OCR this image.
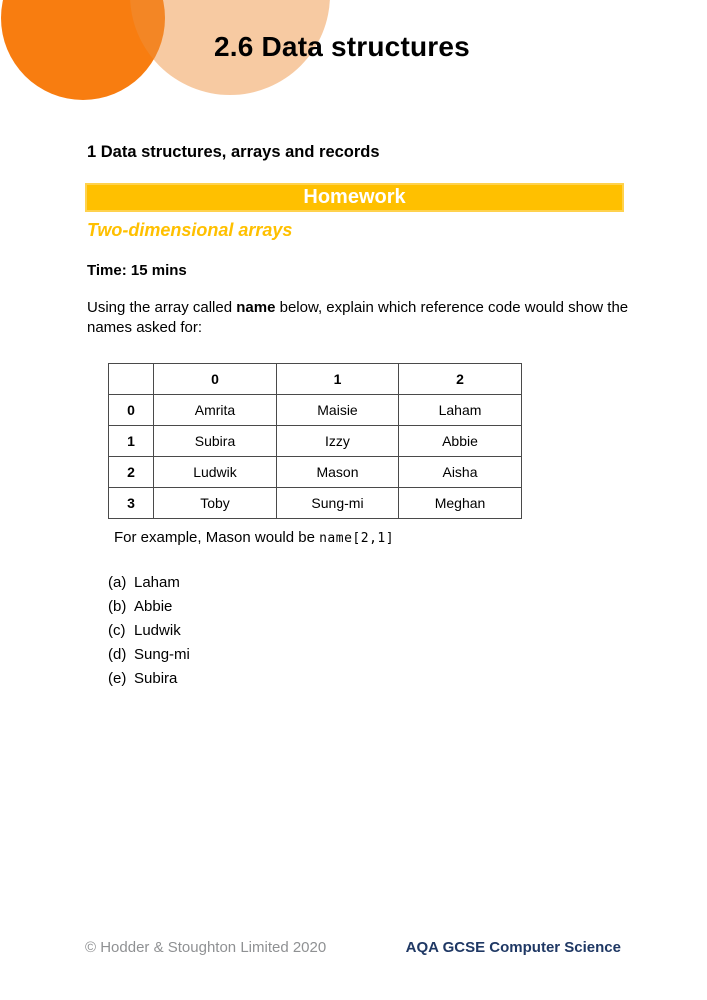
2.6 Data structures
1 Data structures, arrays and records
Homework
Two-dimensional arrays
Time: 15 mins

Using the array called name below, explain which reference code would show the names asked for:

	0	1	2
0	Amrita	Maisie	Laham
1	Subira	Izzy	Abbie
2	Ludwik	Mason	Aisha
3	Toby	Sung-mi	Meghan

For example, Mason would be name[2,1]

(a) Laham
(b) Abbie
(c) Ludwik
(d) Sung-mi
(e) Subira
© Hodder & Stoughton Limited 2020	AQA GCSE Computer Science
